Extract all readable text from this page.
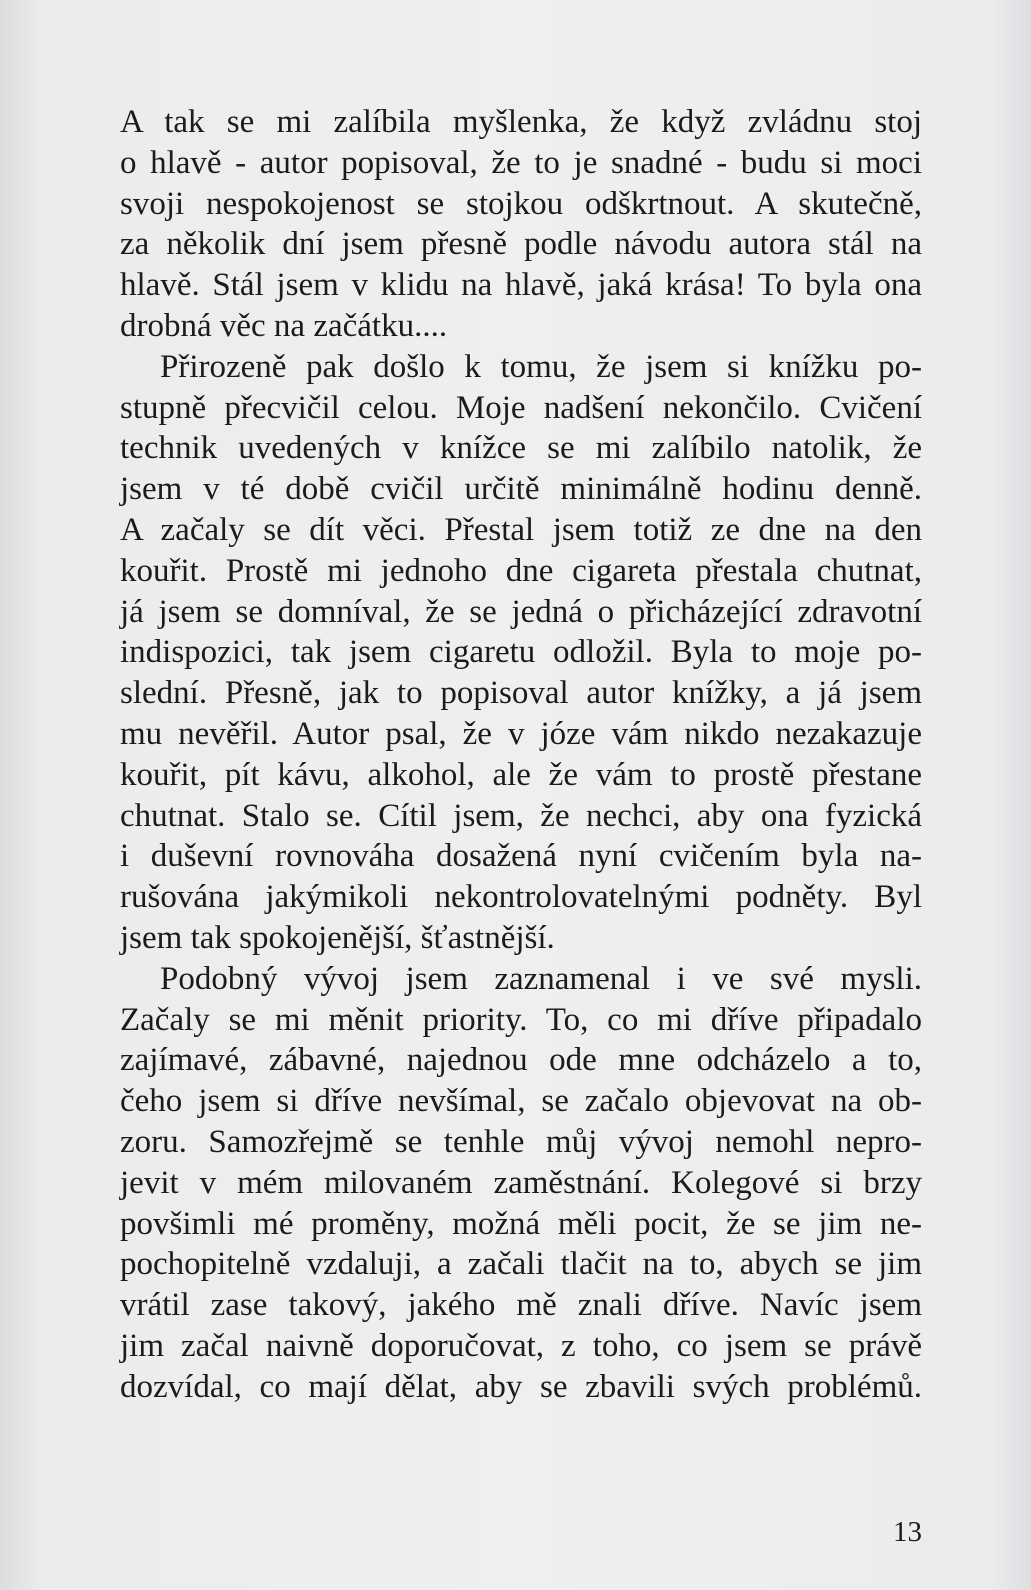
A tak se mi zalíbila myšlenka, že když zvládnu stoj
o hlavě - autor popisoval, že to je snadné - budu si moci
svoji nespokojenost se stojkou odškrtnout. A skutečně,
za několik dní jsem přesně podle návodu autora stál na
hlavě. Stál jsem v klidu na hlavě, jaká krása! To byla ona
drobná věc na začátku....
Přirozeně pak došlo k tomu, že jsem si knížku po-
stupně přecvičil celou. Moje nadšení nekončilo. Cvičení
technik uvedených v knížce se mi zalíbilo natolik, že
jsem v té době cvičil určitě minimálně hodinu denně.
A začaly se dít věci. Přestal jsem totiž ze dne na den
kouřit. Prostě mi jednoho dne cigareta přestala chutnat,
já jsem se domníval, že se jedná o přicházející zdravotní
indispozici, tak jsem cigaretu odložil. Byla to moje po-
slední. Přesně, jak to popisoval autor knížky, a já jsem
mu nevěřil. Autor psal, že v józe vám nikdo nezakazuje
kouřit, pít kávu, alkohol, ale že vám to prostě přestane
chutnat. Stalo se. Cítil jsem, že nechci, aby ona fyzická
i duševní rovnováha dosažená nyní cvičením byla na-
rušována jakýmikoli nekontrolovatelnými podněty. Byl
jsem tak spokojenější, šťastnější.
Podobný vývoj jsem zaznamenal i ve své mysli.
Začaly se mi měnit priority. To, co mi dříve připadalo
zajímavé, zábavné, najednou ode mne odcházelo a to,
čeho jsem si dříve nevšímal, se začalo objevovat na ob-
zoru. Samozřejmě se tenhle můj vývoj nemohl nepro-
jevit v mém milovaném zaměstnání. Kolegové si brzy
povšimli mé proměny, možná měli pocit, že se jim ne-
pochopitelně vzdaluji, a začali tlačit na to, abych se jim
vrátil zase takový, jakého mě znali dříve. Navíc jsem
jim začal naivně doporučovat, z toho, co jsem se právě
dozvídal, co mají dělat, aby se zbavili svých problémů.
13
